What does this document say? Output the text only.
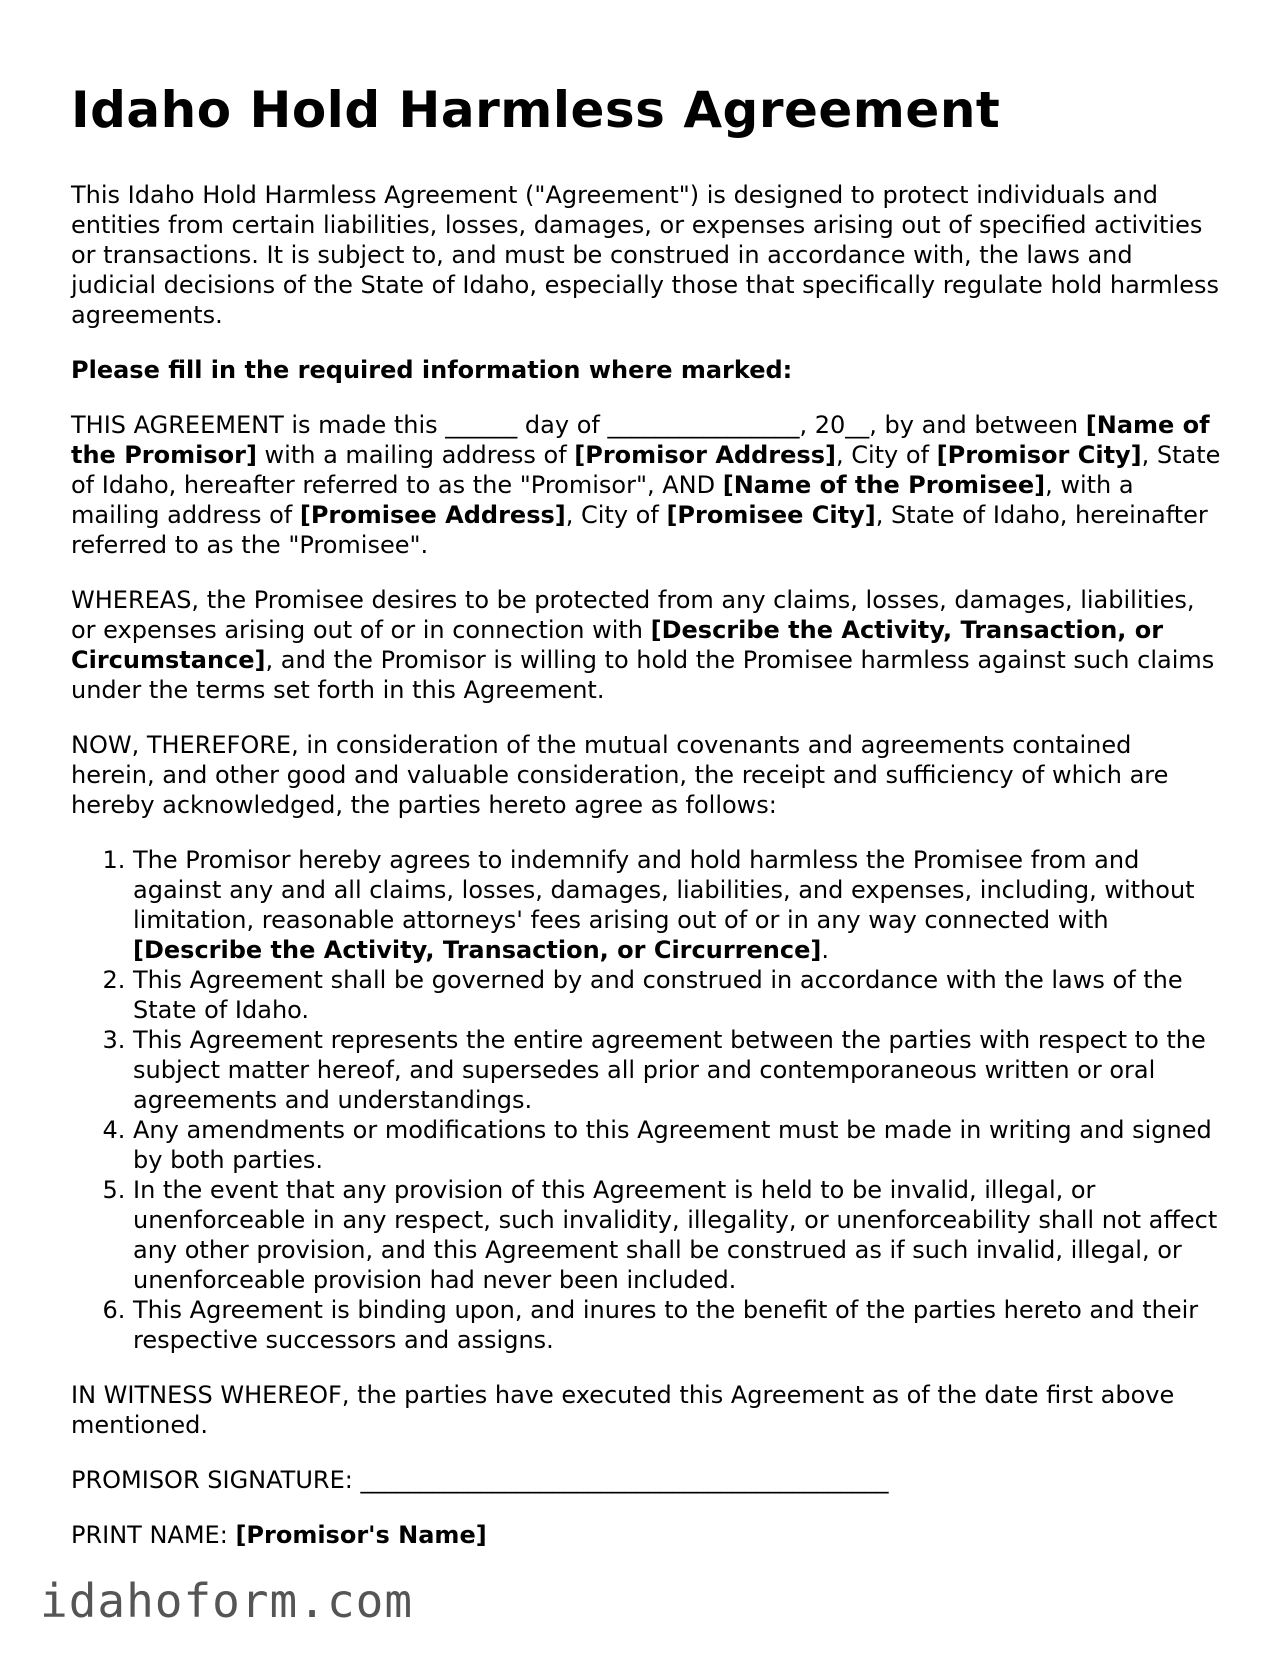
Idaho Hold Harmless Agreement

This Idaho Hold Harmless Agreement ("Agreement") is designed to protect individuals and entities from certain liabilities, losses, damages, or expenses arising out of specified activities or transactions. It is subject to, and must be construed in accordance with, the laws and judicial decisions of the State of Idaho, especially those that specifically regulate hold harmless agreements.

Please fill in the required information where marked:

THIS AGREEMENT is made this ______ day of ________________, 20__, by and between [Name of the Promisor] with a mailing address of [Promisor Address], City of [Promisor City], State of Idaho, hereafter referred to as the "Promisor", AND [Name of the Promisee], with a mailing address of [Promisee Address], City of [Promisee City], State of Idaho, hereinafter referred to as the "Promisee".

WHEREAS, the Promisee desires to be protected from any claims, losses, damages, liabilities, or expenses arising out of or in connection with [Describe the Activity, Transaction, or Circumstance], and the Promisor is willing to hold the Promisee harmless against such claims under the terms set forth in this Agreement.

NOW, THEREFORE, in consideration of the mutual covenants and agreements contained herein, and other good and valuable consideration, the receipt and sufficiency of which are hereby acknowledged, the parties hereto agree as follows:

1. The Promisor hereby agrees to indemnify and hold harmless the Promisee from and against any and all claims, losses, damages, liabilities, and expenses, including, without limitation, reasonable attorneys' fees arising out of or in any way connected with [Describe the Activity, Transaction, or Circurrence].
2. This Agreement shall be governed by and construed in accordance with the laws of the State of Idaho.
3. This Agreement represents the entire agreement between the parties with respect to the subject matter hereof, and supersedes all prior and contemporaneous written or oral agreements and understandings.
4. Any amendments or modifications to this Agreement must be made in writing and signed by both parties.
5. In the event that any provision of this Agreement is held to be invalid, illegal, or unenforceable in any respect, such invalidity, illegality, or unenforceability shall not affect any other provision, and this Agreement shall be construed as if such invalid, illegal, or unenforceable provision had never been included.
6. This Agreement is binding upon, and inures to the benefit of the parties hereto and their respective successors and assigns.

IN WITNESS WHEREOF, the parties have executed this Agreement as of the date first above mentioned.

PROMISOR SIGNATURE: ____________________________________________

PRINT NAME: [Promisor's Name]

idahoform.com
